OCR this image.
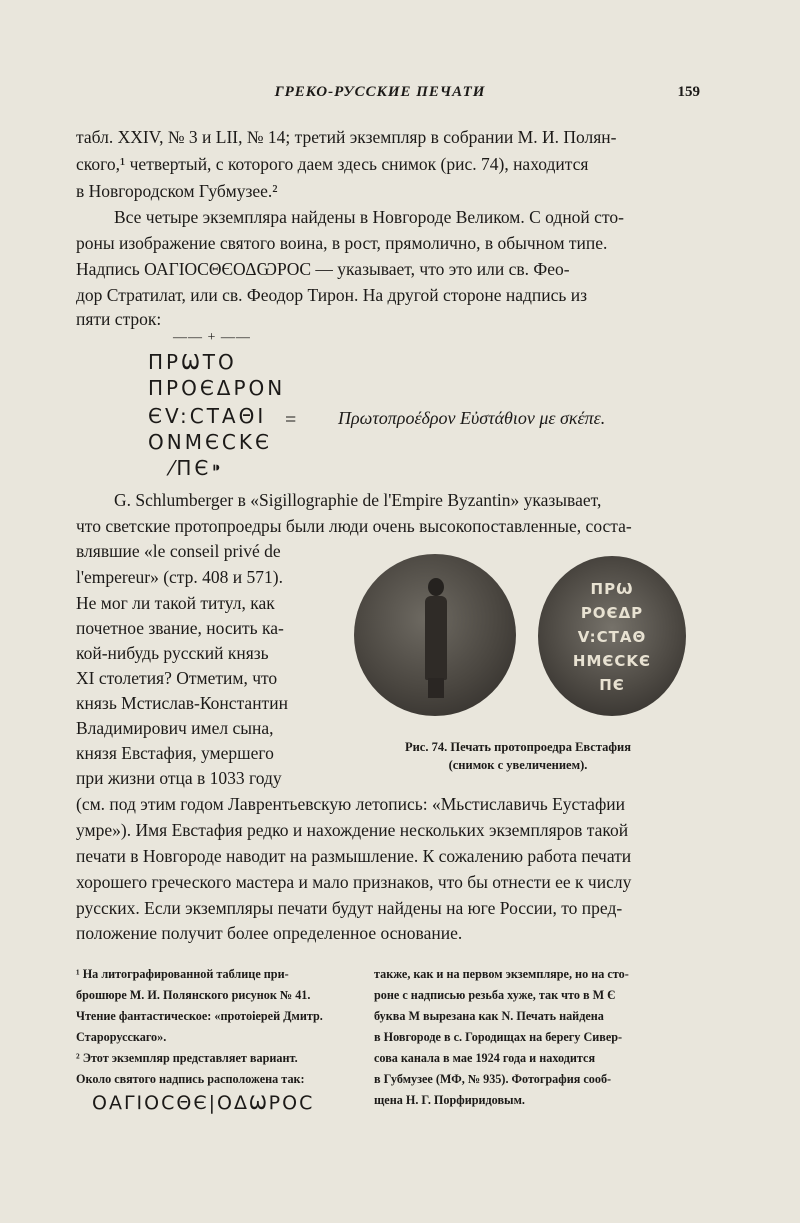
ГРЕКО-РУССКИЕ ПЕЧАТИ	159
табл. XXIV, № 3 и LII, № 14; третий экземпляр в собрании М. И. Полян-
ского,¹ четвертый, с которого даем здесь снимок (рис. 74), находится
в Новгородском Губмузее.²
Все четыре экземпляра найдены в Новгороде Великом. С одной сто-
роны изображение святого воина, в рост, прямолично, в обычном типе.
Надпись ΟΑΓΙΟϹΘЄΟΔѠΡΟϹ — указывает, что это или св. Фео-
дор Стратилат, или св. Феодор Тирон. На другой стороне надпись из
пяти строк:
—— + ——
ΠΡѠΤΟ
ΠΡΟЄΔΡΟΝ
ЄV:ϹΤΑΘΙ
ΟΝΜЄϹΚЄ
⁄ΠЄ⁍
= Πρωτοπροέδρον Εὐστάθιον με σκέπε.
G. Schlumberger в «Sigillographie de l'Empire Byzantin» указывает,
что светские протопроедры были люди очень высокопоставленные, соста-
влявшие «le conseil privé de
l'empereur» (стр. 408 и 571).
Не мог ли такой титул, как
почетное звание, носить ка-
кой-нибудь русский князь
XI столетия? Отметим, что
князь Мстислав-Константин
Владимирович имел сына,
князя Евстафия, умершего
при жизни отца в 1033 году
(см. под этим годом Лаврентьевскую летопись: «Мьстиславичь Еустафии
умре»). Имя Евстафия редко и нахождение нескольких экземпляров такой
печати в Новгороде наводит на размышление. К сожалению работа печати
хорошего греческого мастера и мало признаков, что бы отнести ее к числу
русских. Если экземпляры печати будут найдены на юге России, то пред-
положение получит более определенное основание.
ΠΡѠ
ΡΟЄΔΡ
V:ϹΤΑΘ
ΗΜЄϹΚЄ
ΠЄ
Рис. 74. Печать протопроедра Евстафия
(снимок с увеличением).
¹ На литографированной таблице при-
брошюре М. И. Полянского рисунок № 41.
Чтение фантастическое: «протоiерей Дмитр.
Старорусскаго».
² Этот экземпляр представляет вариант.
также, как и на первом экземпляре, но на сто-
роне с надписью резьба хуже, так что в М Є
буква М вырезана как N. Печать найдена
в Новгороде в с. Городищах на берегу Сивер-
сова канала в мае 1924 года и находится
в Губмузее (МФ, № 935). Фотография сооб-
щена Н. Г. Порфиридовым.
Около святого надпись расположена так:
ΟΑΓΙΟϹΘЄ|ΟΔѠΡΟϹ
